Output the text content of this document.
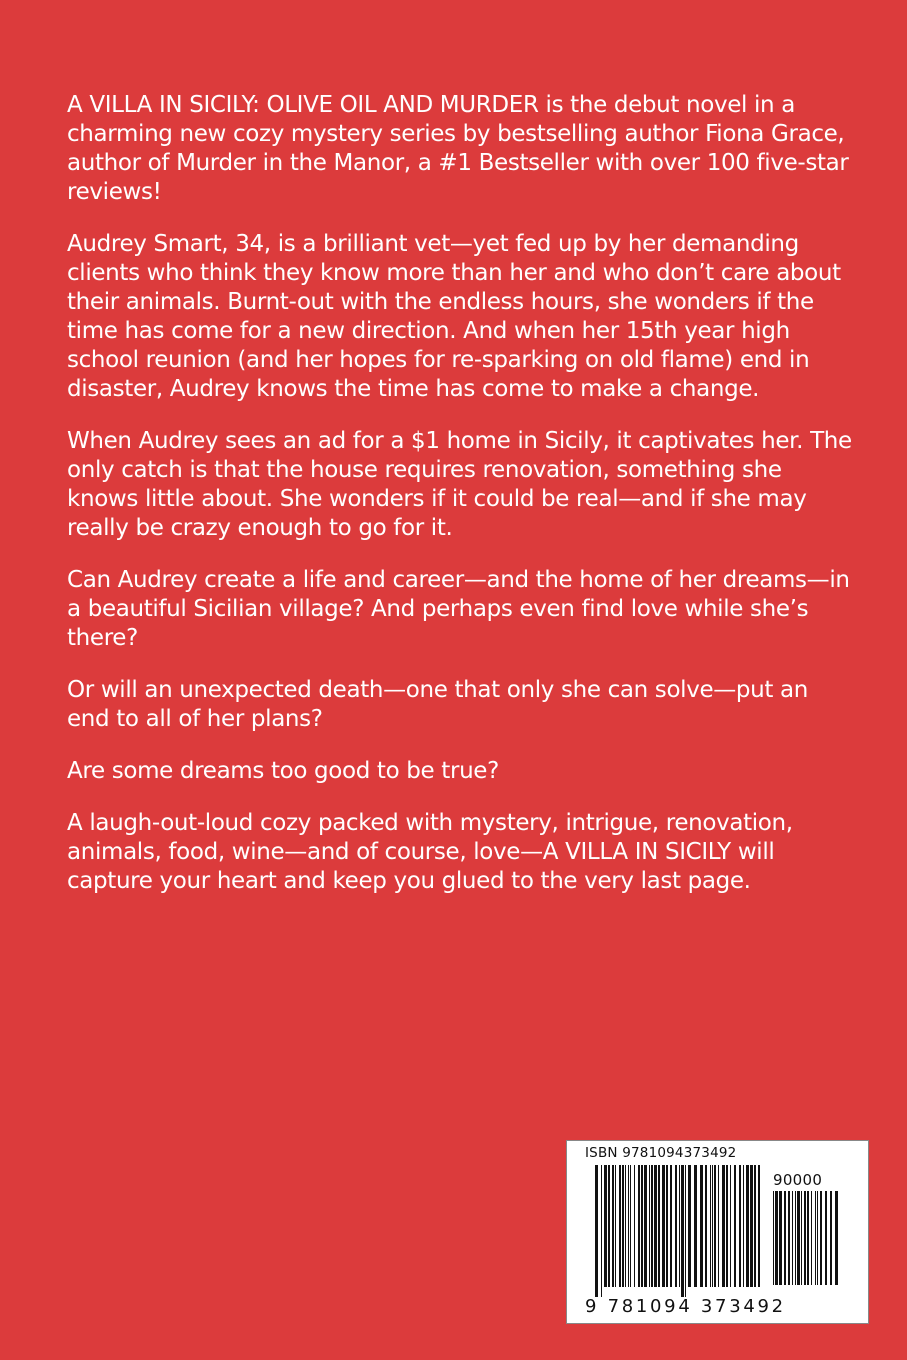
A VILLA IN SICILY: OLIVE OIL AND MURDER is the debut novel in a charming new cozy mystery series by bestselling author Fiona Grace, author of Murder in the Manor, a #1 Bestseller with over 100 five-star reviews!

Audrey Smart, 34, is a brilliant vet—yet fed up by her demanding clients who think they know more than her and who don’t care about their animals. Burnt-out with the endless hours, she wonders if the time has come for a new direction. And when her 15th year high school reunion (and her hopes for re-sparking on old flame) end in disaster, Audrey knows the time has come to make a change.

When Audrey sees an ad for a $1 home in Sicily, it captivates her. The only catch is that the house requires renovation, something she knows little about. She wonders if it could be real—and if she may really be crazy enough to go for it.

Can Audrey create a life and career—and the home of her dreams—in a beautiful Sicilian village? And perhaps even find love while she’s there?

Or will an unexpected death—one that only she can solve—put an end to all of her plans?

Are some dreams too good to be true?

A laugh-out-loud cozy packed with mystery, intrigue, renovation, animals, food, wine—and of course, love—A VILLA IN SICILY will capture your heart and keep you glued to the very last page.

ISBN 9781094373492
90000
9 781094 373492
